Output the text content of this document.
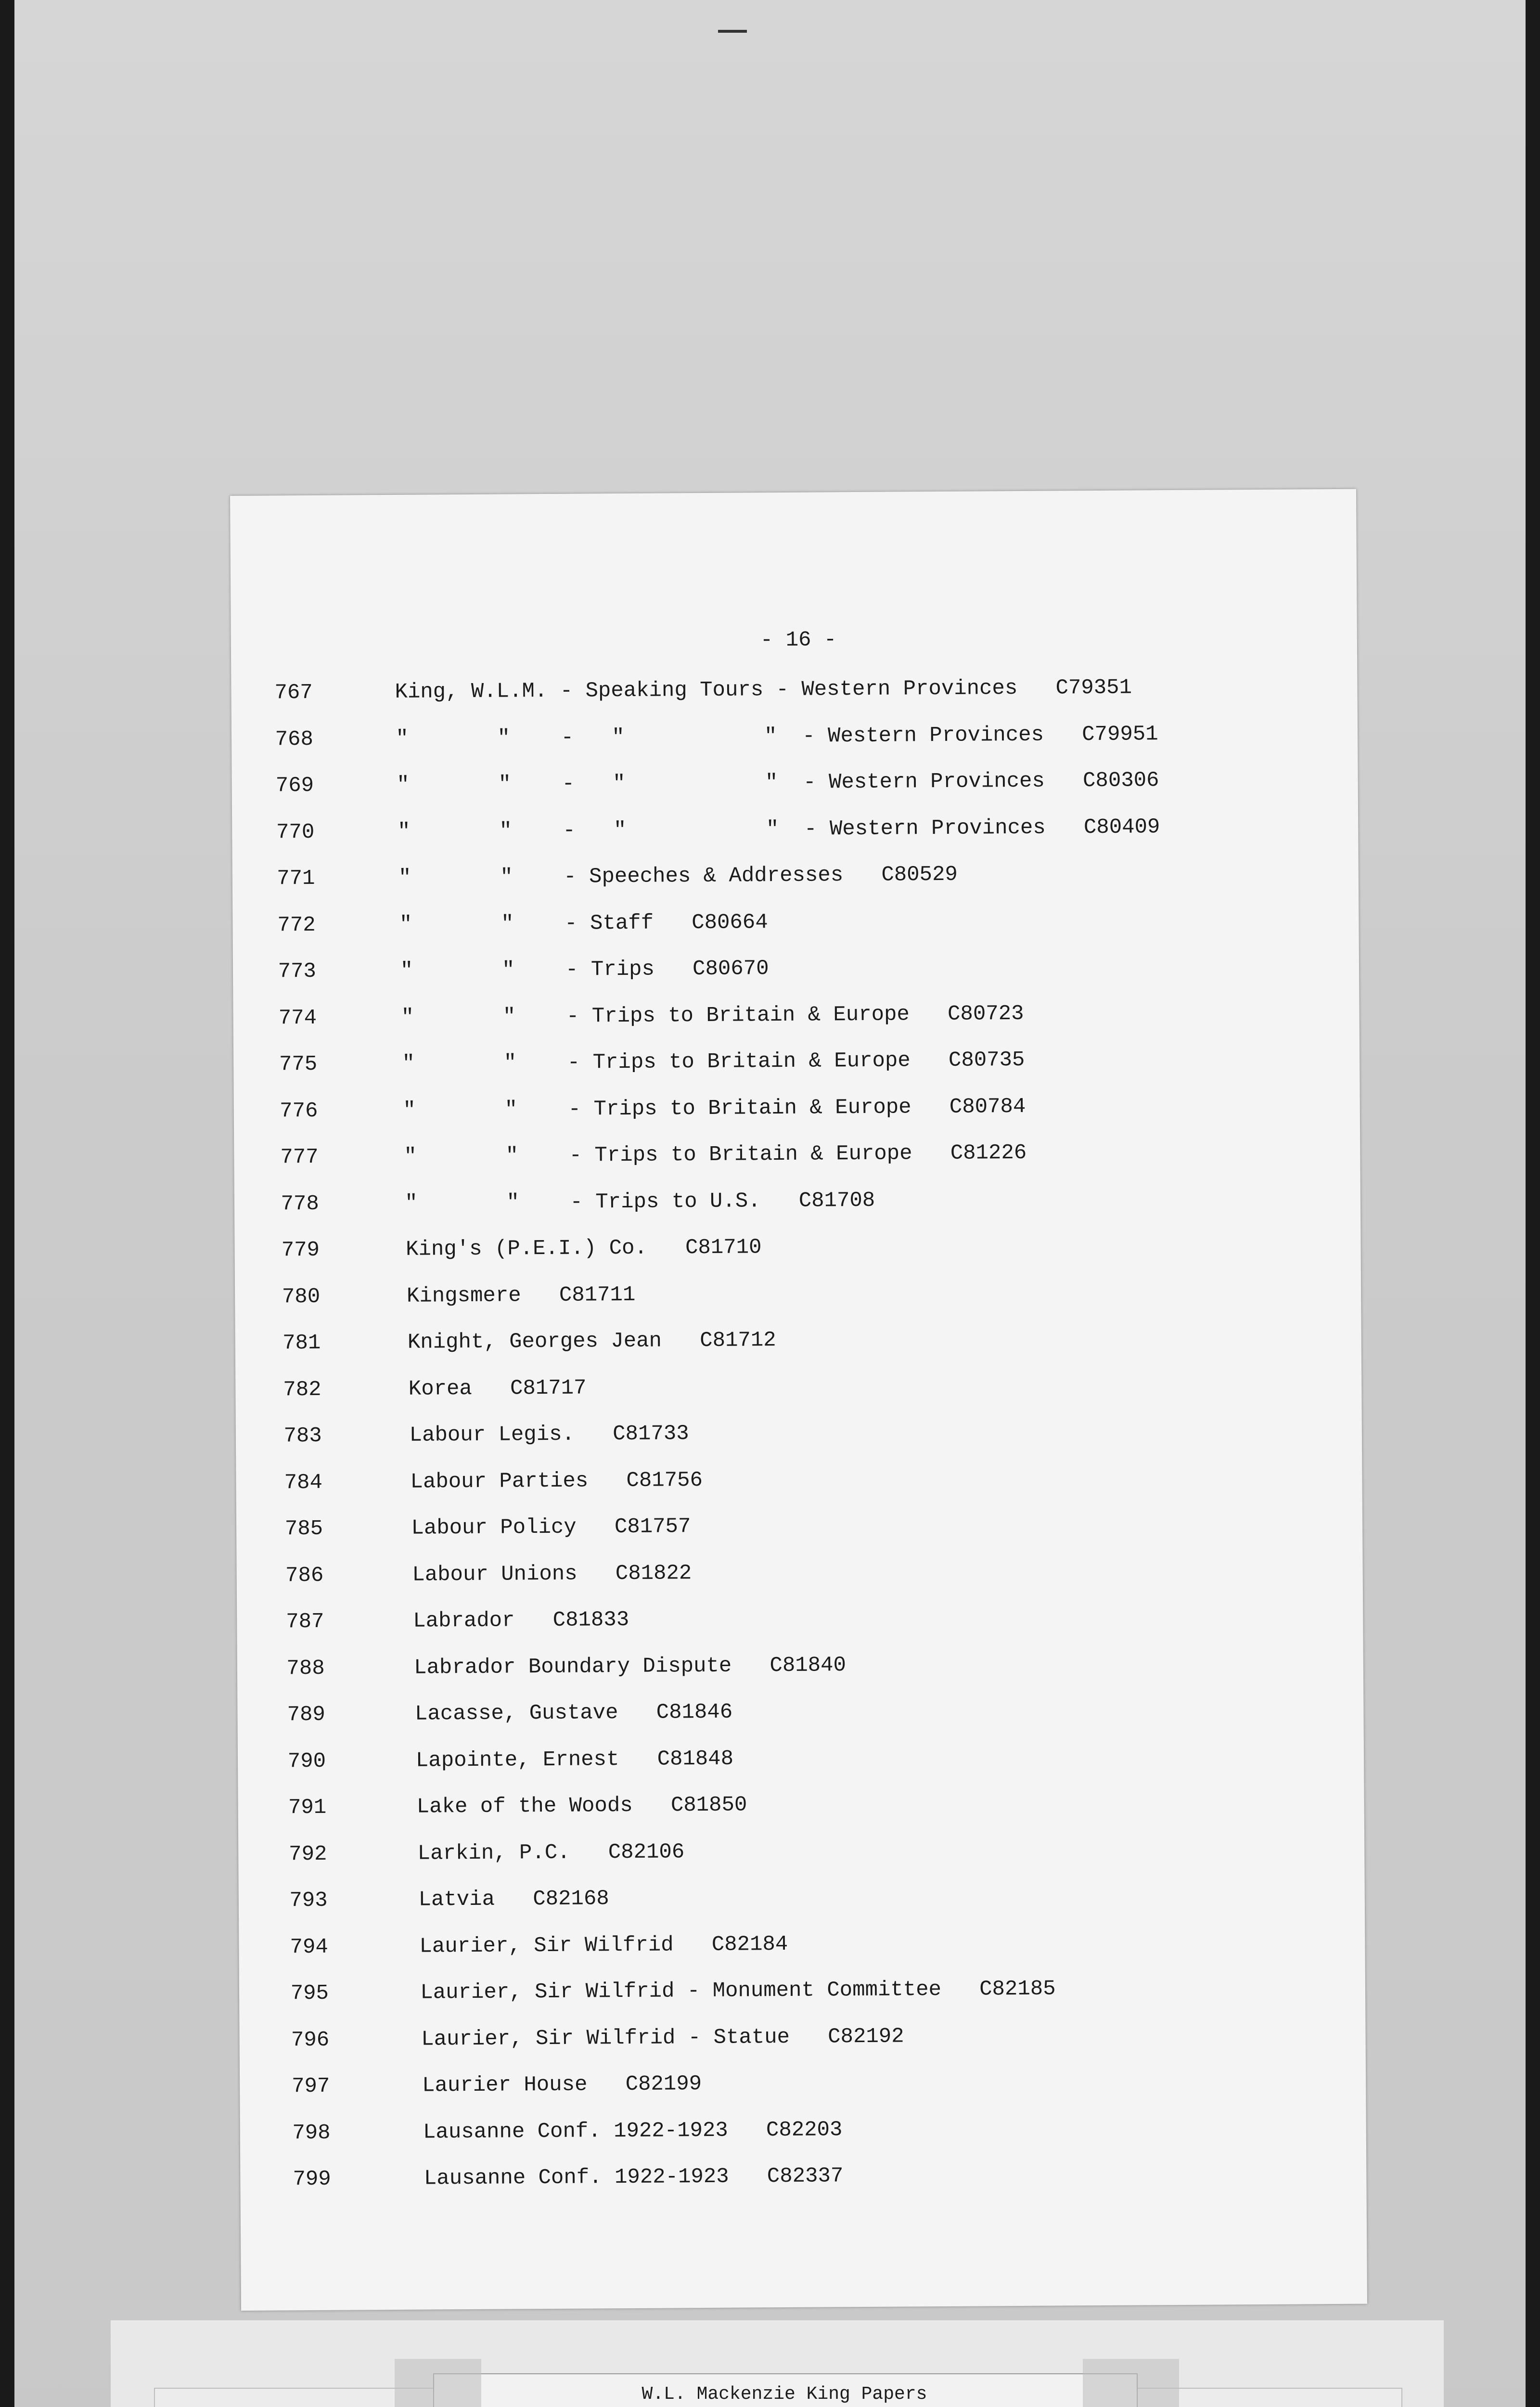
- 16 -
767	King, W.L.M. - Speaking Tours - Western Provinces   C79351
768	"       "    -   "           "  - Western Provinces   C79951
769	"       "    -   "           "  - Western Provinces   C80306
770	"       "    -   "           "  - Western Provinces   C80409
771	"       "    - Speeches & Addresses   C80529
772	"       "    - Staff   C80664
773	"       "    - Trips   C80670
774	"       "    - Trips to Britain & Europe   C80723
775	"       "    - Trips to Britain & Europe   C80735
776	"       "    - Trips to Britain & Europe   C80784
777	"       "    - Trips to Britain & Europe   C81226
778	"       "    - Trips to U.S.   C81708
779	King's (P.E.I.) Co.   C81710
780	Kingsmere   C81711
781	Knight, Georges Jean   C81712
782	Korea   C81717
783	Labour Legis.   C81733
784	Labour Parties   C81756
785	Labour Policy   C81757
786	Labour Unions   C81822
787	Labrador   C81833
788	Labrador Boundary Dispute   C81840
789	Lacasse, Gustave   C81846
790	Lapointe, Ernest   C81848
791	Lake of the Woods   C81850
792	Larkin, P.C.   C82106
793	Latvia   C82168
794	Laurier, Sir Wilfrid   C82184
795	Laurier, Sir Wilfrid - Monument Committee   C82185
796	Laurier, Sir Wilfrid - Statue   C82192
797	Laurier House   C82199
798	Lausanne Conf. 1922-1923   C82203
799	Lausanne Conf. 1922-1923   C82337
W.L. Mackenzie King Papers
